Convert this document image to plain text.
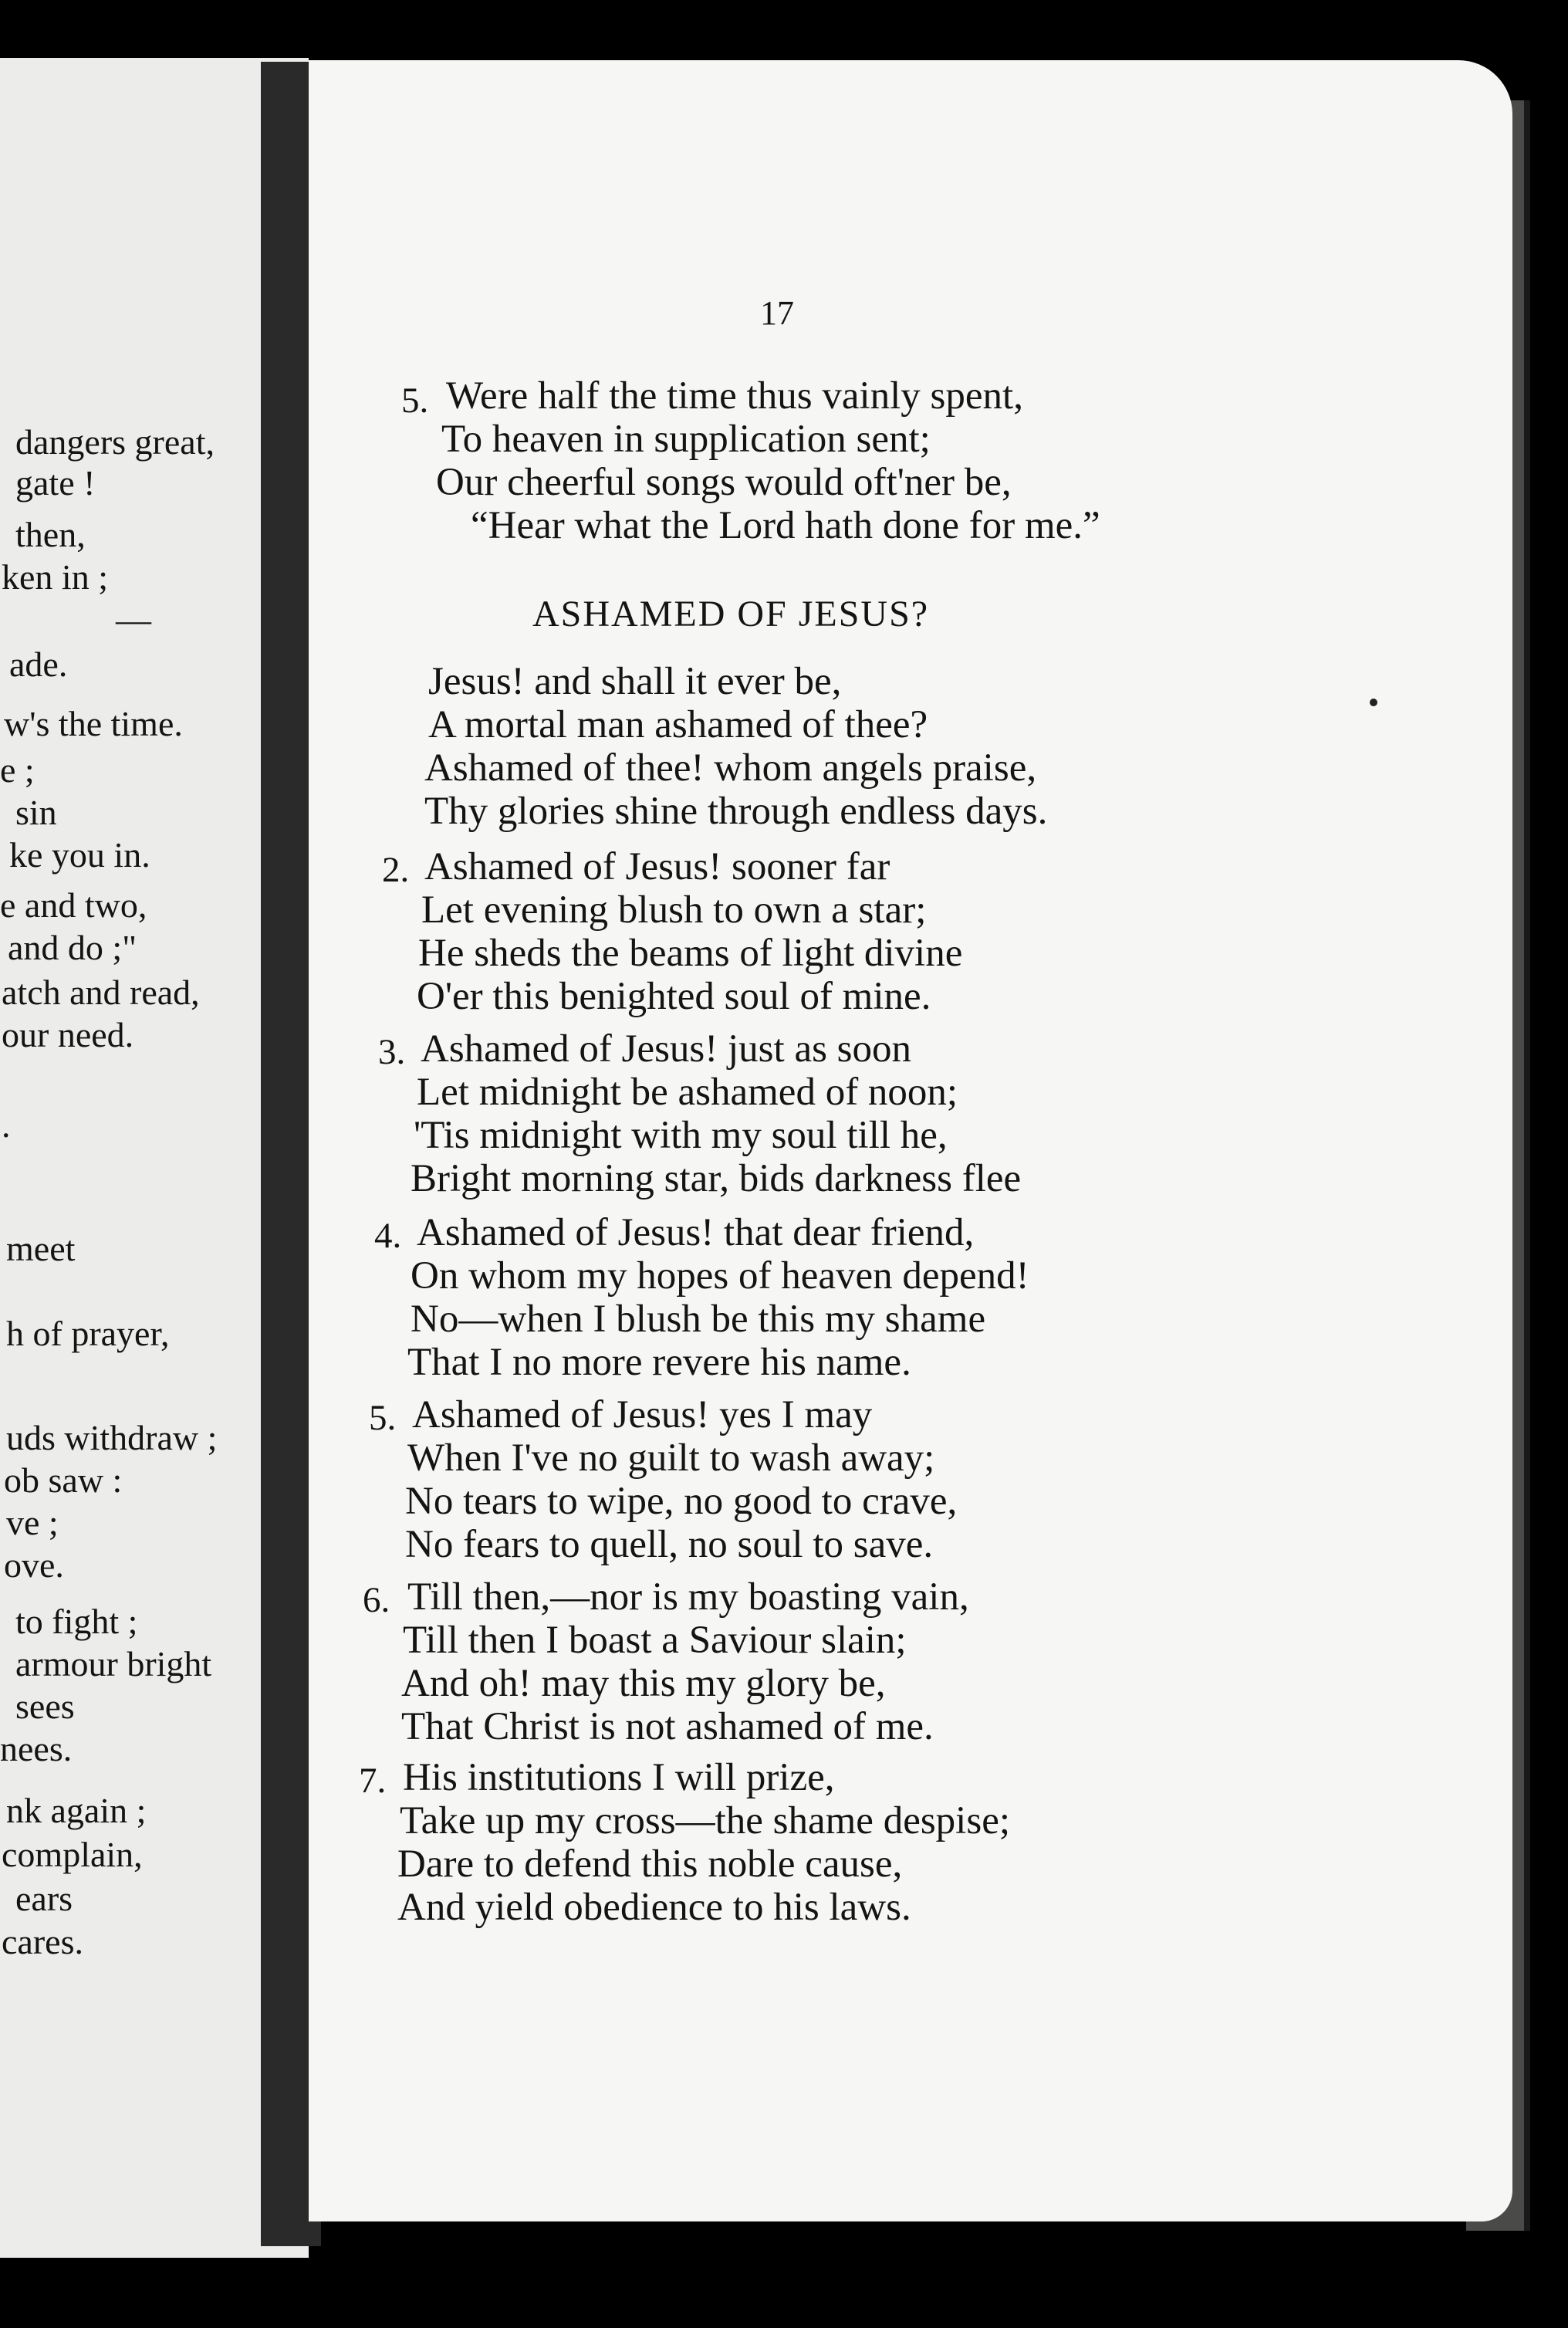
dangers great,
gate !
then,
ken in ;
—
ade.
w's the time.
e ;
sin
ke you in.
e and two,
and do ;"
atch and read,
our need.
.
meet
h of prayer,
uds withdraw ;
ob saw :
ve ;
ove.
to fight ;
armour bright
sees
nees.
nk again ;
complain,
ears
cares.
17
5. Were half the time thus vainly spent,
To heaven in supplication sent;
Our cheerful songs would oft'ner be,
“Hear what the Lord hath done for me.”
ASHAMED OF JESUS?
Jesus! and shall it ever be,
A mortal man ashamed of thee?
Ashamed of thee! whom angels praise,
Thy glories shine through endless days.
2. Ashamed of Jesus! sooner far
Let evening blush to own a star;
He sheds the beams of light divine
O'er this benighted soul of mine.
3. Ashamed of Jesus! just as soon
Let midnight be ashamed of noon;
'Tis midnight with my soul till he,
Bright morning star, bids darkness flee
4. Ashamed of Jesus! that dear friend,
On whom my hopes of heaven depend!
No—when I blush be this my shame
That I no more revere his name.
5. Ashamed of Jesus! yes I may
When I've no guilt to wash away;
No tears to wipe, no good to crave,
No fears to quell, no soul to save.
6. Till then,—nor is my boasting vain,
Till then I boast a Saviour slain;
And oh! may this my glory be,
That Christ is not ashamed of me.
7. His institutions I will prize,
Take up my cross—the shame despise;
Dare to defend this noble cause,
And yield obedience to his laws.
